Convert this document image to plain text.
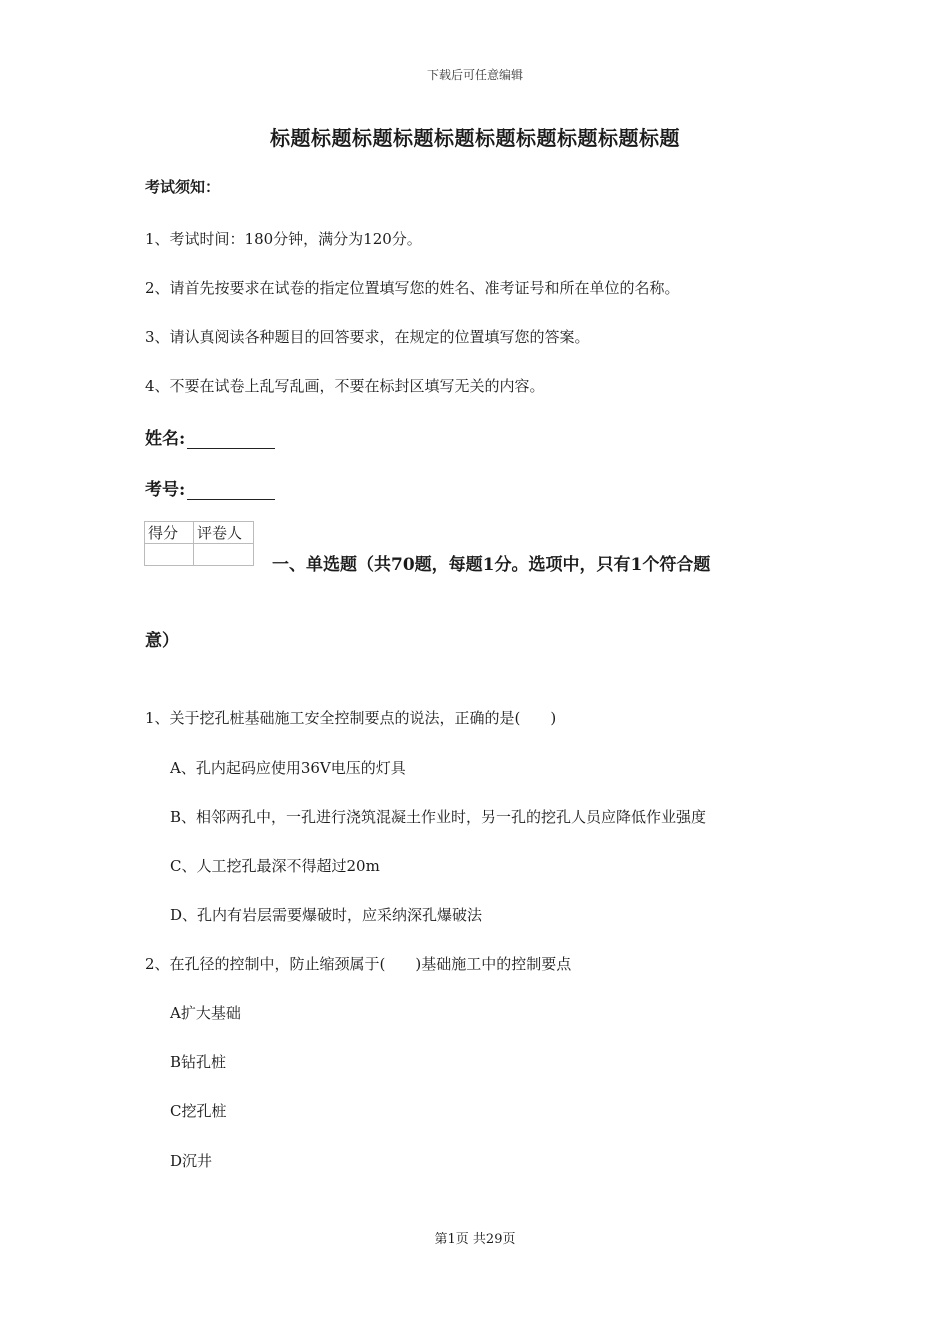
下载后可任意编辑
标题标题标题标题标题标题标题标题标题标题
考试须知：
1、考试时间：180分钟，满分为120分。
2、请首先按要求在试卷的指定位置填写您的姓名、准考证号和所在单位的名称。
3、请认真阅读各种题目的回答要求，在规定的位置填写您的答案。
4、不要在试卷上乱写乱画，不要在标封区填写无关的内容。
姓名:
考号:
得分	评卷人

一、单选题（共70题，每题1分。选项中，只有1个符合题
意）
1、关于挖孔桩基础施工安全控制要点的说法，正确的是(　　)
A、孔内起码应使用36V电压的灯具
B、相邻两孔中，一孔进行浇筑混凝土作业时，另一孔的挖孔人员应降低作业强度
C、人工挖孔最深不得超过20m
D、孔内有岩层需要爆破时，应采纳深孔爆破法
2、在孔径的控制中，防止缩颈属于(　　)基础施工中的控制要点
A扩大基础
B钻孔桩
C挖孔桩
D沉井
第1页 共29页
